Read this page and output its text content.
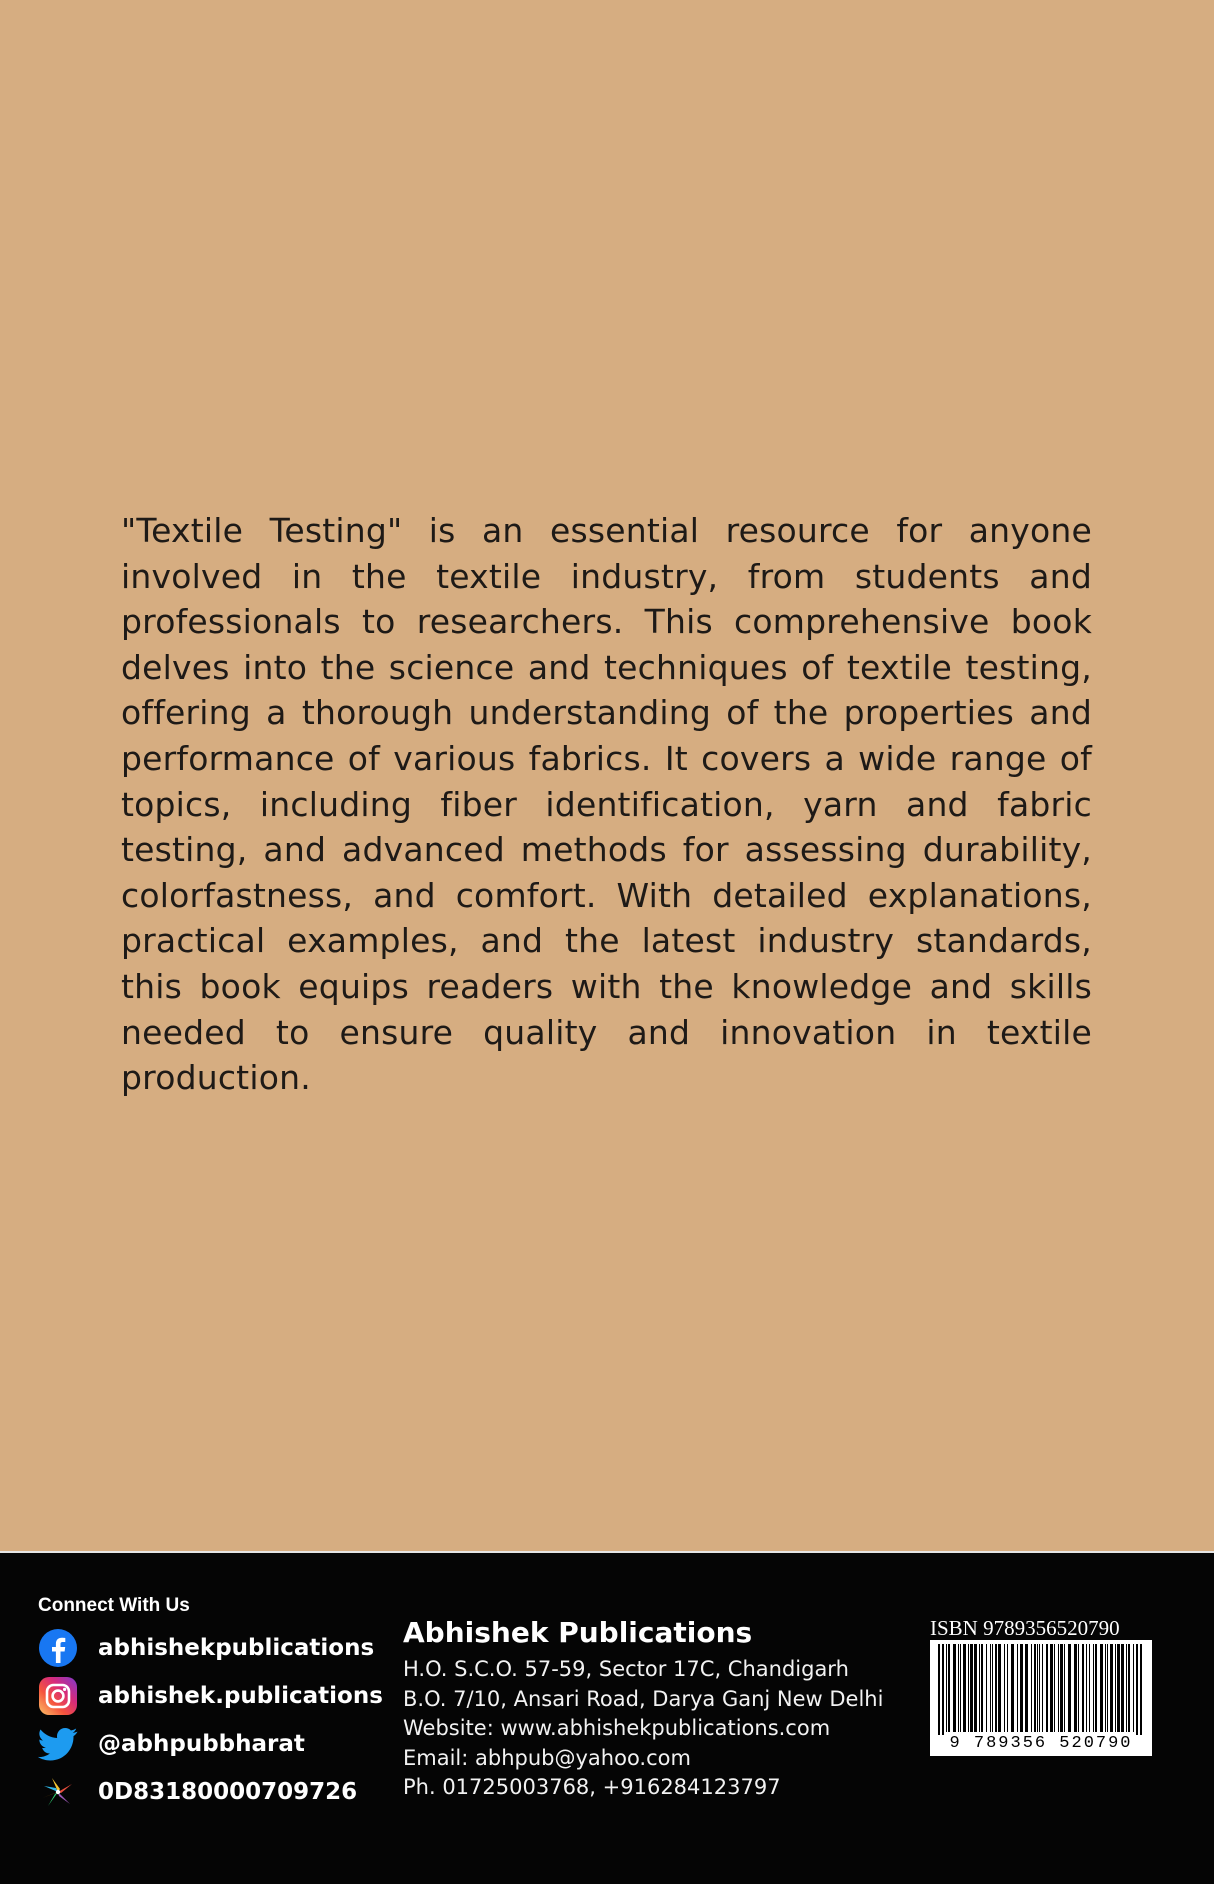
"Textile Testing" is an essential resource for anyone involved in the textile industry, from students and professionals to researchers. This comprehensive book delves into the science and techniques of textile testing, offering a thorough understanding of the properties and performance of various fabrics. It covers a wide range of topics, including fiber identification, yarn and fabric testing, and advanced methods for assessing durability, colorfastness, and comfort. With detailed explanations, practical examples, and the latest industry standards, this book equips readers with the knowledge and skills needed to ensure quality and innovation in textile production.

Connect With Us
abhishekpublications
abhishek.publications
@abhpubbharat
0D83180000709726
Abhishek Publications
H.O. S.C.O. 57-59, Sector 17C, Chandigarh
B.O. 7/10, Ansari Road, Darya Ganj New Delhi
Website: www.abhishekpublications.com
Email: abhpub@yahoo.com
Ph. 01725003768, +916284123797
ISBN 9789356520790
9 789356 520790
